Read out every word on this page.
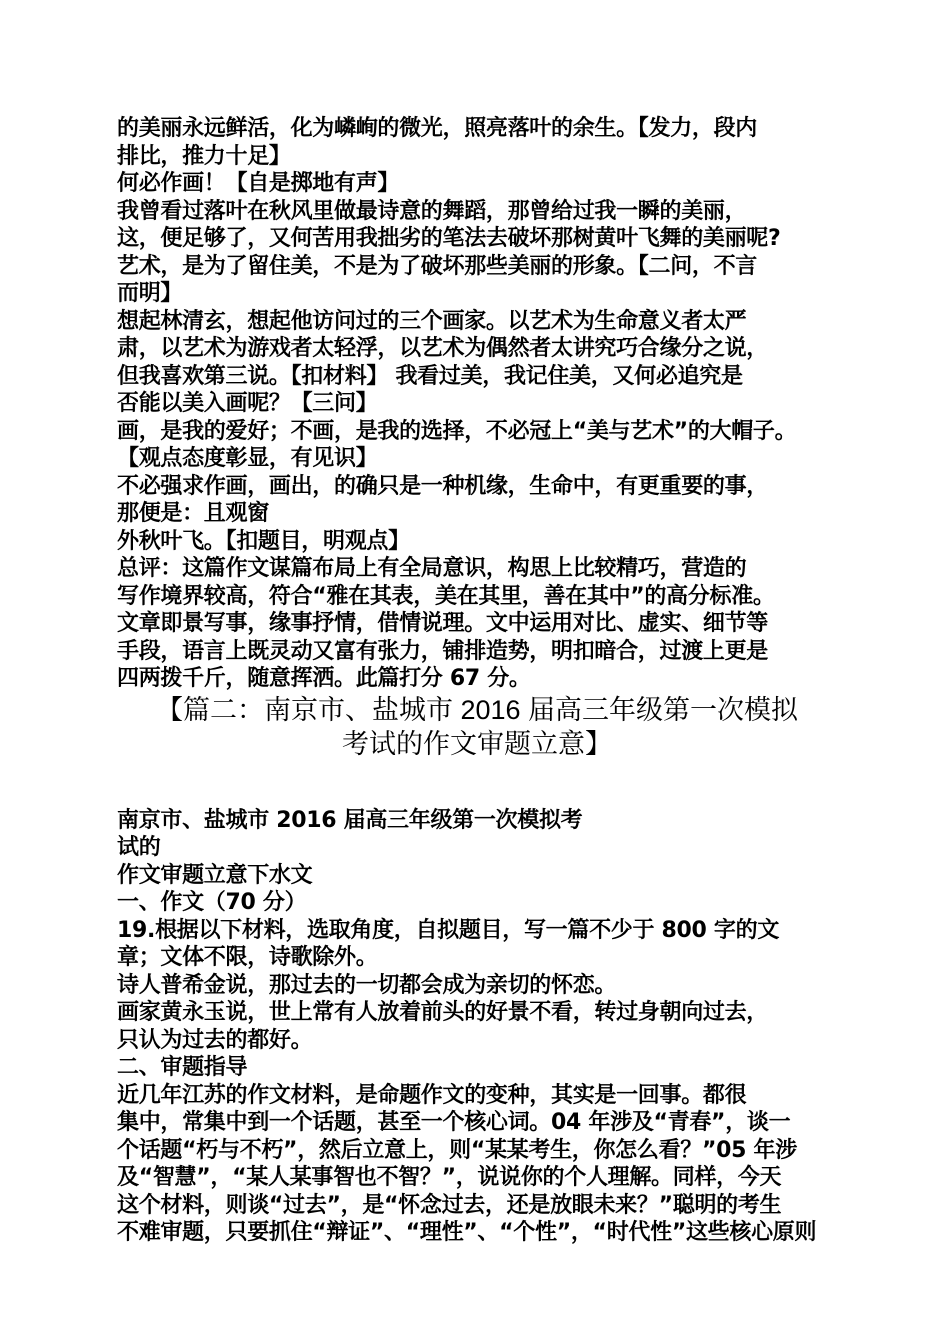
的美丽永远鲜活，化为嶙峋的微光，照亮落叶的余生。【发力，段内

排比，推力十足】

何必作画！【自是掷地有声】

我曾看过落叶在秋风里做最诗意的舞蹈，那曾给过我一瞬的美丽，

这，便足够了，又何苦用我拙劣的笔法去破坏那树黄叶飞舞的美丽呢?

艺术，是为了留住美，不是为了破坏那些美丽的形象。【二问，不言

而明】

想起林清玄，想起他访问过的三个画家。以艺术为生命意义者太严

肃，以艺术为游戏者太轻浮，以艺术为偶然者太讲究巧合缘分之说，

但我喜欢第三说。【扣材料】 我看过美，我记住美，又何必追究是

否能以美入画呢？【三问】

画，是我的爱好；不画，是我的选择，不必冠上“美与艺术”的大帽子。

【观点态度彰显，有见识】

不必强求作画，画出，的确只是一种机缘，生命中，有更重要的事，

那便是：且观窗

外秋叶飞。【扣题目，明观点】

总评：这篇作文谋篇布局上有全局意识，构思上比较精巧，营造的

写作境界较高，符合“雅在其表，美在其里，善在其中”的高分标准。

文章即景写事，缘事抒情，借情说理。文中运用对比、虚实、细节等

手段，语言上既灵动又富有张力，铺排造势，明扣暗合，过渡上更是

四两拨千斤，随意挥洒。此篇打分 67 分。

【篇二：南京市、盐城市 2016 届高三年级第一次模拟

考试的作文审题立意】

南京市、盐城市 2016 届高三年级第一次模拟考

试的

作文审题立意下水文

一、作文（70 分）

19.根据以下材料，选取角度，自拟题目，写一篇不少于 800 字的文

章；文体不限，诗歌除外。

诗人普希金说，那过去的一切都会成为亲切的怀恋。

画家黄永玉说，世上常有人放着前头的好景不看，转过身朝向过去，

只认为过去的都好。

二、审题指导

近几年江苏的作文材料，是命题作文的变种，其实是一回事。都很

集中，常集中到一个话题，甚至一个核心词。04 年涉及“青春”，谈一

个话题“朽与不朽”，然后立意上，则“某某考生，你怎么看？”05 年涉

及“智慧”，“某人某事智也不智？”，说说你的个人理解。同样，今天

这个材料，则谈“过去”，是“怀念过去，还是放眼未来？”聪明的考生

不难审题，只要抓住“辩证”、“理性”、“个性”，“时代性”这些核心原则
